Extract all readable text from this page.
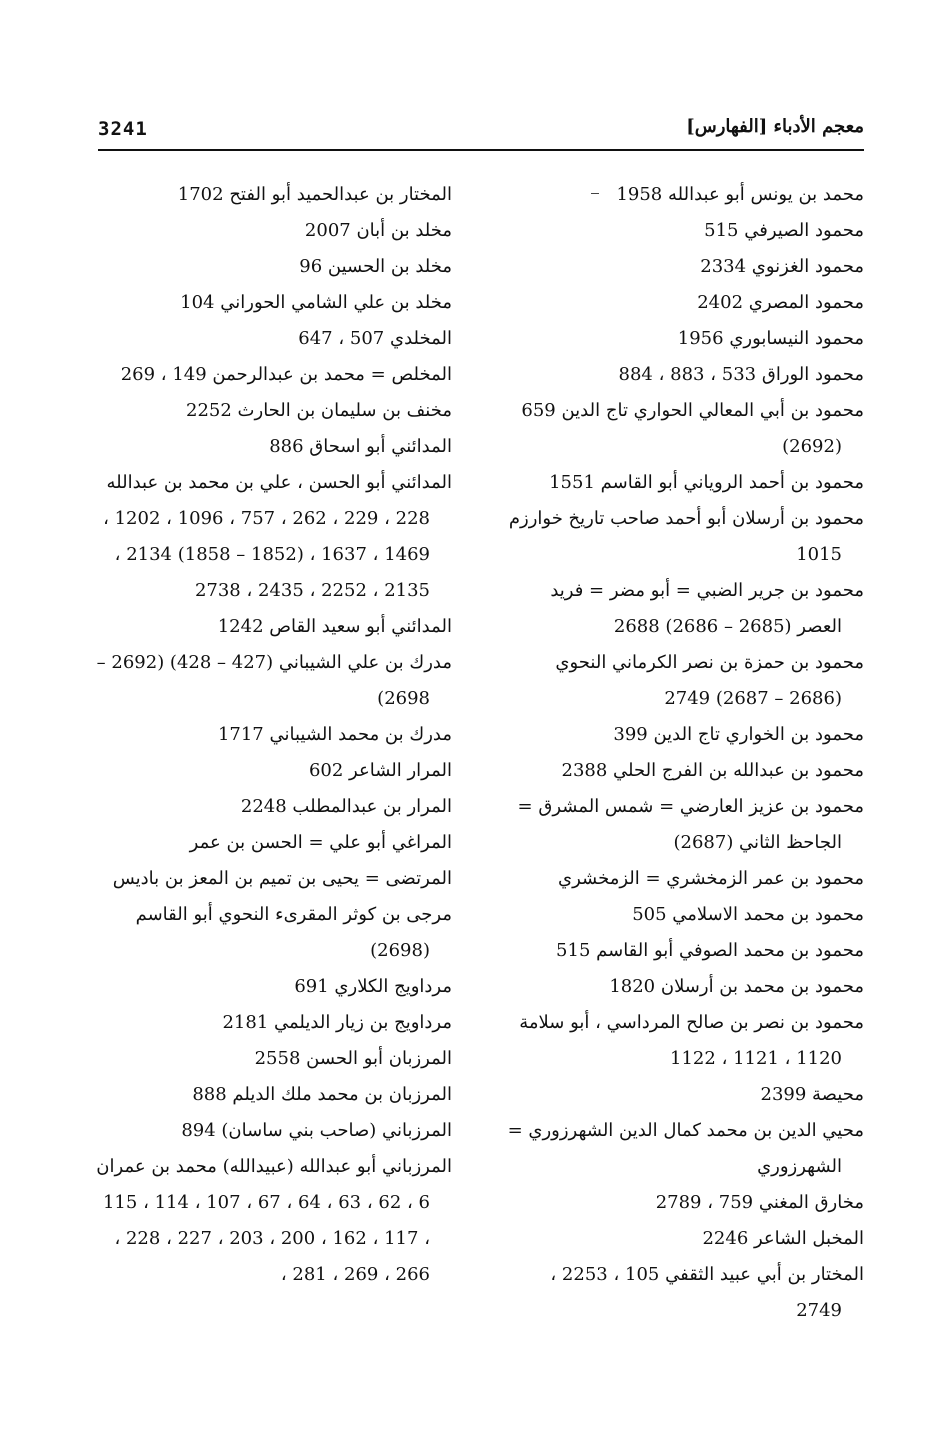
3241	معجم الأدباء [الفهارس]

محمد بن يونس أبو عبدالله 1958

محمود الصيرفي 515

محمود الغزنوي 2334

محمود المصري 2402

محمود النيسابوري 1956

محمود الوراق 533 ، 883 ، 884

محمود بن أبي المعالي الحواري تاج الدين 659 (2692)

محمود بن أحمد الروياني أبو القاسم 1551

محمود بن أرسلان أبو أحمد صاحب تاريخ خوارزم 1015

محمود بن جرير الضبي = أبو مضر = فريد العصر (2685 – 2686) 2688

محمود بن حمزة بن نصر الكرماني النحوي (2686 – 2687) 2749

محمود بن الخواري تاج الدين 399

محمود بن عبدالله بن الفرج الحلي 2388

محمود بن عزيز العارضي = شمس المشرق = الجاحظ الثاني (2687)

محمود بن عمر الزمخشري = الزمخشري

محمود بن محمد الاسلامي 505

محمود بن محمد الصوفي أبو القاسم 515

محمود بن محمد بن أرسلان 1820

محمود بن نصر بن صالح المرداسي ، أبو سلامة 1120 ، 1121 ، 1122

محيصة 2399

محيي الدين بن محمد كمال الدين الشهرزوري = الشهرزوري

مخارق المغني 759 ، 2789

المخبل الشاعر 2246

المختار بن أبي عبيد الثقفي 105 ، 2253 ، 2749

المختار بن عبدالحميد أبو الفتح 1702

مخلد بن أبان 2007

مخلد بن الحسين 96

مخلد بن علي الشامي الحوراني 104

المخلدي 507 ، 647

المخلص = محمد بن عبدالرحمن 149 ، 269

مخنف بن سليمان بن الحارث 2252

المدائني أبو اسحاق 886

المدائني أبو الحسن ، علي بن محمد بن عبدالله 228 ، 229 ، 262 ، 757 ، 1096 ، 1202 ، 1469 ، 1637 ، (1852 – 1858) 2134 ، 2135 ، 2252 ، 2435 ، 2738

المدائني أبو سعيد القاص 1242

مدرك بن علي الشيباني (427 – 428) (2692 – 2698)

مدرك بن محمد الشيباني 1717

المرار الشاعر 602

المرار بن عبدالمطلب 2248

المراغي أبو علي = الحسن بن عمر

المرتضى = يحيى بن تميم بن المعز بن باديس

مرجى بن كوثر المقرىء النحوي أبو القاسم (2698)

مرداويج الكلاري 691

مرداويج بن زيار الديلمي 2181

المرزبان أبو الحسن 2558

المرزبان بن محمد ملك الديلم 888

المرزباني (صاحب بني ساسان) 894

المرزباني أبو عبدالله (عبيدالله) محمد بن عمران 6 ، 62 ، 63 ، 64 ، 67 ، 107 ، 114 ، 115 ، 117 ، 162 ، 200 ، 203 ، 227 ، 228 ، 266 ، 269 ، 281 ،
